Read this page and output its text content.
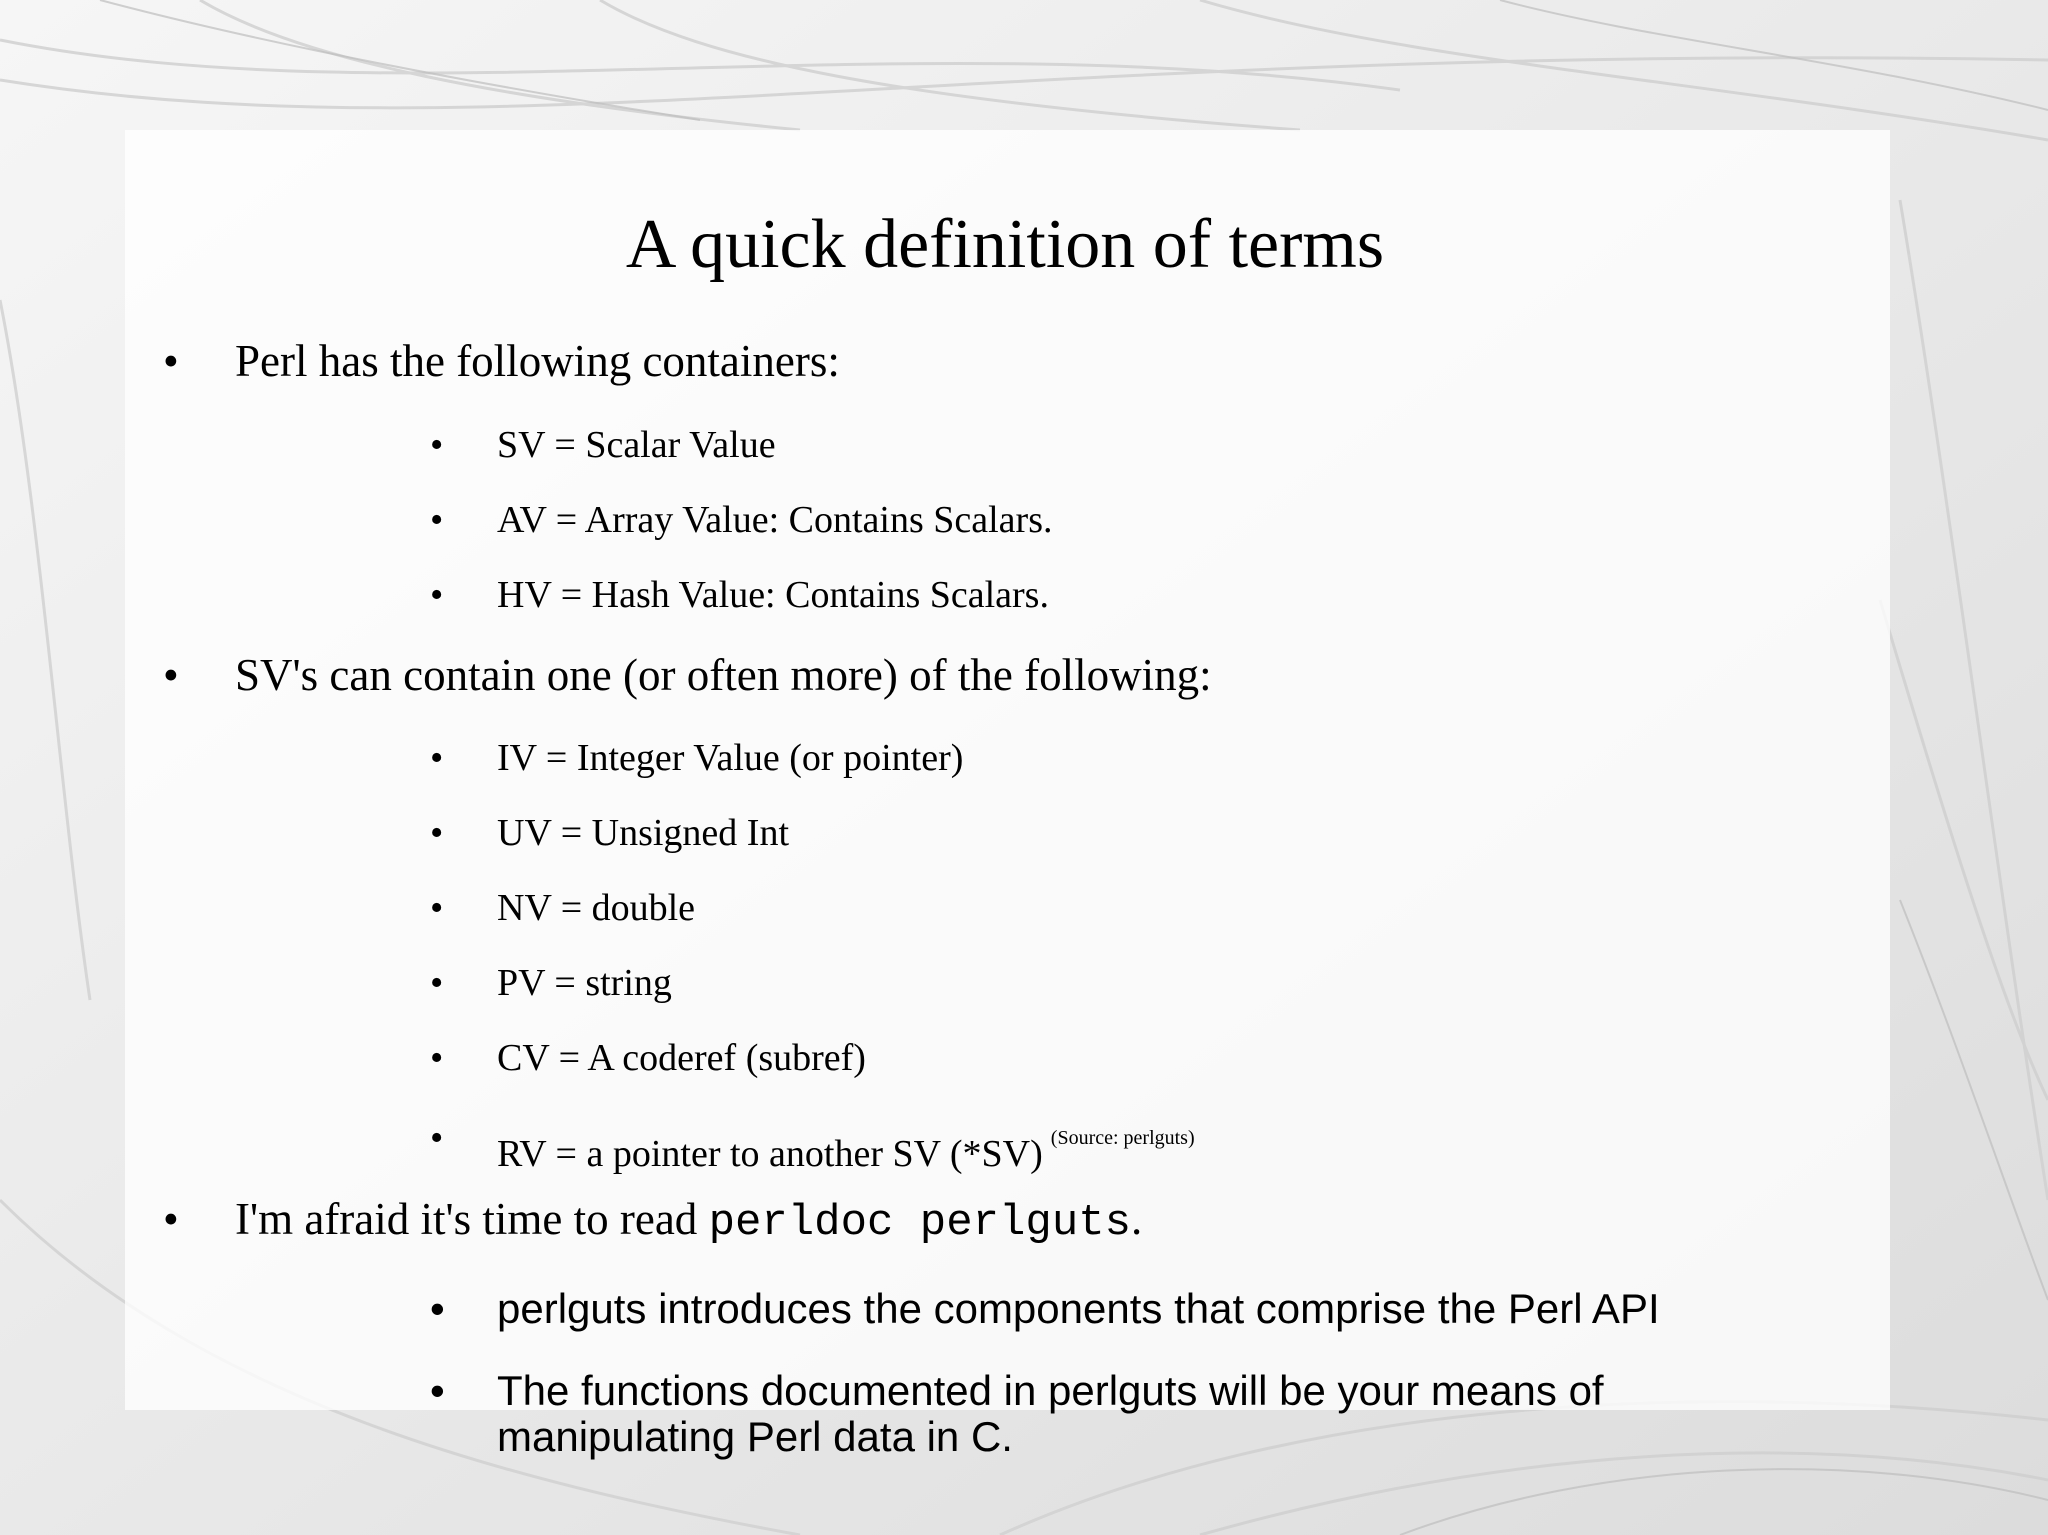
A quick definition of terms
• Perl has the following containers:
• SV = Scalar Value
• AV = Array Value: Contains Scalars.
• HV = Hash Value: Contains Scalars.
• SV's can contain one (or often more) of the following:
• IV = Integer Value (or pointer)
• UV = Unsigned Int
• NV = double
• PV = string
• CV = A coderef (subref)
• RV = a pointer to another SV (*SV) $^{(Source: perlguts)}$
• I'm afraid it's time to read perldoc perlguts.
• perlguts introduces the components that comprise the Perl API
• The functions documented in perlguts will be your means of manipulating Perl data in C.
